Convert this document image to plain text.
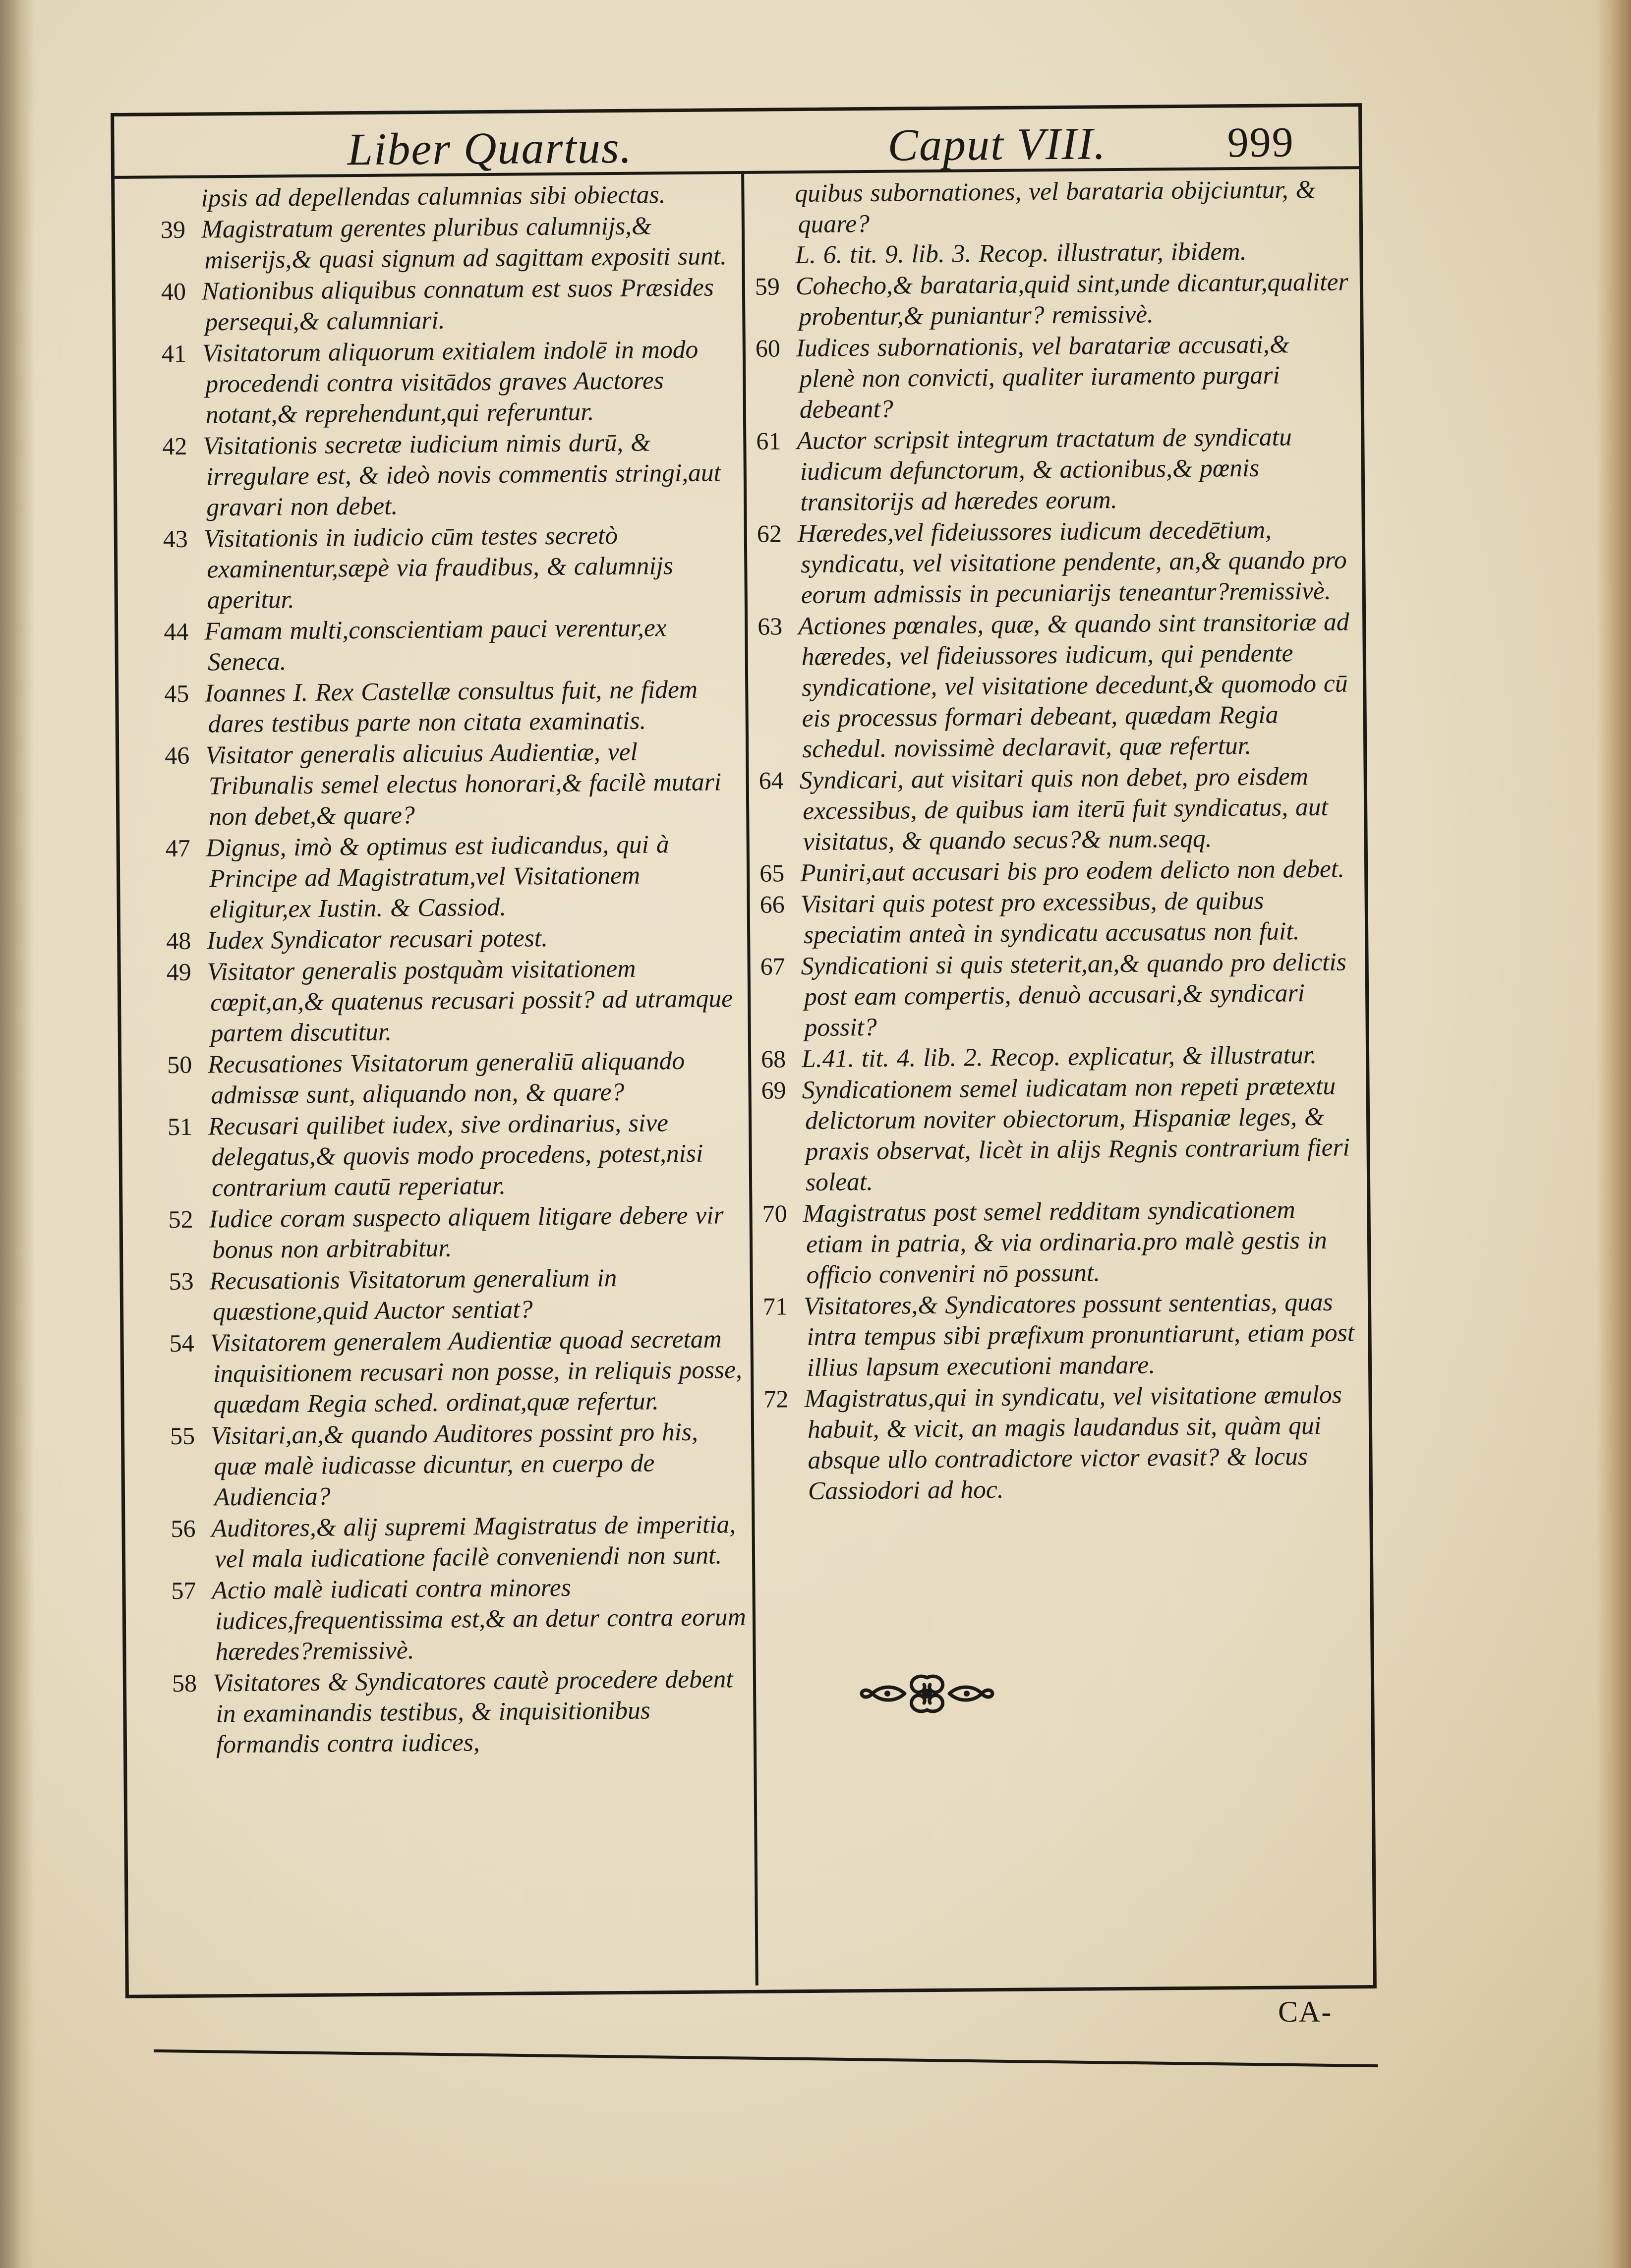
Liber Quartus.	Caput VIII.	999

ipsis ad depellendas calumnias sibi obiectas.

39 Magistratum gerentes pluribus calumnijs,& miserijs,& quasi signum ad sagittam expositi sunt.

40 Nationibus aliquibus connatum est suos Præsides persequi,& calumniari.

41 Visitatorum aliquorum exitialem indolē in modo procedendi contra visitādos graves Auctores notant,& reprehendunt,qui referuntur.

42 Visitationis secretæ iudicium nimis durū, & irregulare est, & ideò novis commentis stringi,aut gravari non debet.

43 Visitationis in iudicio cūm testes secretò examinentur,sæpè via fraudibus, & calumnijs aperitur.

44 Famam multi,conscientiam pauci verentur,ex Seneca.

45 Ioannes I. Rex Castellæ consultus fuit, ne fidem dares testibus parte non citata examinatis.

46 Visitator generalis alicuius Audientiæ, vel Tribunalis semel electus honorari,& facilè mutari non debet,& quare?

47 Dignus, imò & optimus est iudicandus, qui à Principe ad Magistratum,vel Visitationem eligitur,ex Iustin. & Cassiod.

48 Iudex Syndicator recusari potest.

49 Visitator generalis postquàm visitationem cœpit,an,& quatenus recusari possit? ad utramque partem discutitur.

50 Recusationes Visitatorum generaliū aliquando admissæ sunt, aliquando non, & quare?

51 Recusari quilibet iudex, sive ordinarius, sive delegatus,& quovis modo procedens, potest,nisi contrarium cautū reperiatur.

52 Iudice coram suspecto aliquem litigare debere vir bonus non arbitrabitur.

53 Recusationis Visitatorum generalium in quæstione,quid Auctor sentiat?

54 Visitatorem generalem Audientiæ quoad secretam inquisitionem recusari non posse, in reliquis posse, quædam Regia sched. ordinat,quæ refertur.

55 Visitari,an,& quando Auditores possint pro his, quæ malè iudicasse dicuntur, en cuerpo de Audiencia?

56 Auditores,& alij supremi Magistratus de imperitia, vel mala iudicatione facilè conveniendi non sunt.

57 Actio malè iudicati contra minores iudices,frequentissima est,& an detur contra eorum hæredes?remissivè.

58 Visitatores & Syndicatores cautè procedere debent in examinandis testibus, & inquisitionibus formandis contra iudices,

quibus subornationes, vel barataria obijciuntur, & quare?

L. 6. tit. 9. lib. 3. Recop. illustratur, ibidem.

59 Cohecho,& barataria,quid sint,unde dicantur,qualiter probentur,& puniantur? remissivè.

60 Iudices subornationis, vel baratariæ accusati,& plenè non convicti, qualiter iuramento purgari debeant?

61 Auctor scripsit integrum tractatum de syndicatu iudicum defunctorum, & actionibus,& pœnis transitorijs ad hæredes eorum.

62 Hæredes,vel fideiussores iudicum decedētium, syndicatu, vel visitatione pendente, an,& quando pro eorum admissis in pecuniarijs teneantur?remissivè.

63 Actiones pœnales, quæ, & quando sint transitoriæ ad hæredes, vel fideiussores iudicum, qui pendente syndicatione, vel visitatione decedunt,& quomodo cū eis processus formari debeant, quædam Regia schedul. novissimè declaravit, quæ refertur.

64 Syndicari, aut visitari quis non debet, pro eisdem excessibus, de quibus iam iterū fuit syndicatus, aut visitatus, & quando secus?& num.seqq.

65 Puniri,aut accusari bis pro eodem delicto non debet.

66 Visitari quis potest pro excessibus, de quibus speciatim anteà in syndicatu accusatus non fuit.

67 Syndicationi si quis steterit,an,& quando pro delictis post eam compertis, denuò accusari,& syndicari possit?

68 L.41. tit. 4. lib. 2. Recop. explicatur, & illustratur.

69 Syndicationem semel iudicatam non repeti prætextu delictorum noviter obiectorum, Hispaniæ leges, & praxis observat, licèt in alijs Regnis contrarium fieri soleat.

70 Magistratus post semel redditam syndicationem etiam in patria, & via ordinaria.pro malè gestis in officio conveniri nō possunt.

71 Visitatores,& Syndicatores possunt sententias, quas intra tempus sibi præfixum pronuntiarunt, etiam post illius lapsum executioni mandare.

72 Magistratus,qui in syndicatu, vel visitatione æmulos habuit, & vicit, an magis laudandus sit, quàm qui absque ullo contradictore victor evasit? & locus Cassiodori ad hoc.

CA-
